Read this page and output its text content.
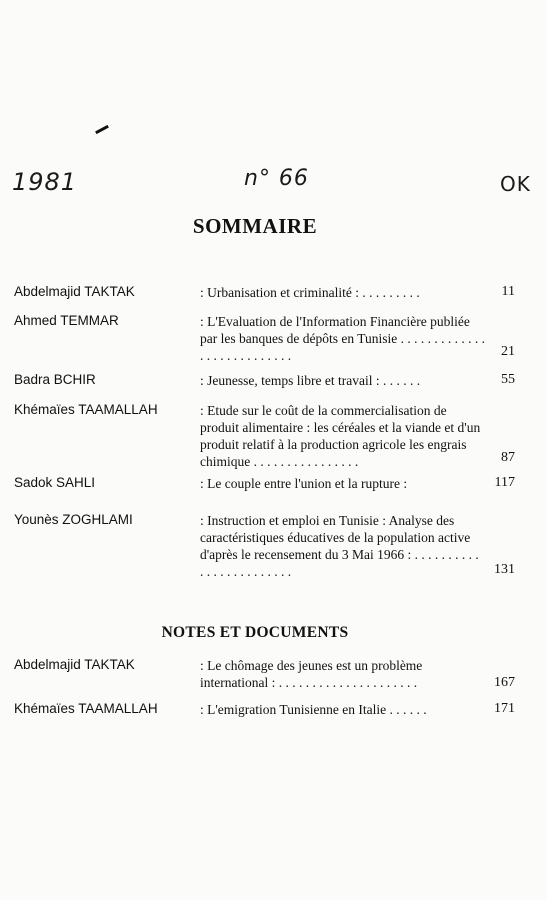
1981	n° 66	OK
SOMMAIRE
Abdelmajid TAKTAK	: Urbanisation et criminalité : . . . . . . . . .	11
Ahmed TEMMAR	: L'Evaluation de l'Information Financière publiée par les banques de dépôts en Tunisie . . . . . . . . . . . . . . . . . . . . . . . . . . .	21
Badra BCHIR	: Jeunesse, temps libre et travail : . . . . . .	55
Khémaïes TAAMALLAH	: Etude sur le coût de la commercialisation de produit alimentaire : les céréales et la viande et d'un produit relatif à la production agricole les engrais chimique . . . . . . . . . . . . . . . .	87
Sadok SAHLI	: Le couple entre l'union et la rupture :	117
Younès ZOGHLAMI	: Instruction et emploi en Tunisie : Analyse des caractéristiques éducatives de la population active d'après le recensement du 3 Mai 1966 : . . . . . . . . . . . . . . . . . . . . . . . .	131
NOTES ET DOCUMENTS
Abdelmajid TAKTAK	: Le chômage des jeunes est un problème international : . . . . . . . . . . . . . . . . . . . . .	167
Khémaïes TAAMALLAH	: L'emigration Tunisienne en Italie . . . . . .	171
